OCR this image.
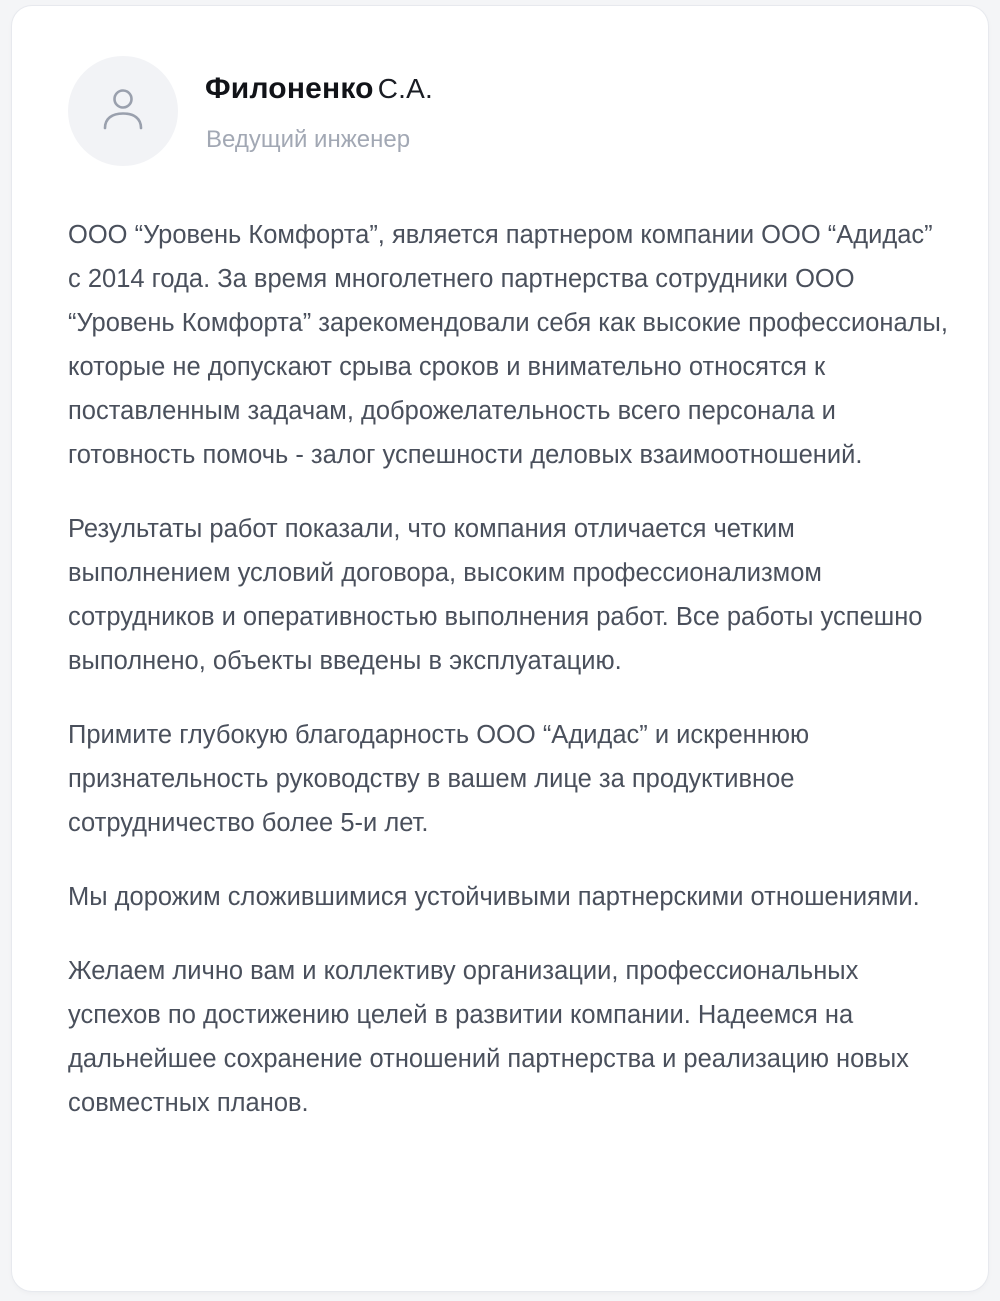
Филоненко С.А.

Ведущий инженер

ООО “Уровень Комфорта”, является партнером компании ООО “Адидас” с 2014 года. За время многолетнего партнерства сотрудники ООО “Уровень Комфорта” зарекомендовали себя как высокие профессионалы, которые не допускают срыва сроков и внимательно относятся к поставленным задачам, доброжелательность всего персонала и готовность помочь - залог успешности деловых взаимоотношений.

Результаты работ показали, что компания отличается четким выполнением условий договора, высоким профессионализмом сотрудников и оперативностью выполнения работ. Все работы успешно выполнено, объекты введены в эксплуатацию.

Примите глубокую благодарность ООО “Адидас” и искреннюю признательность руководству в вашем лице за продуктивное сотрудничество более 5-и лет.

Мы дорожим сложившимися устойчивыми партнерскими отношениями.

Желаем лично вам и коллективу организации, профессиональных успехов по достижению целей в развитии компании. Надеемся на дальнейшее сохранение отношений партнерства и реализацию новых совместных планов.
